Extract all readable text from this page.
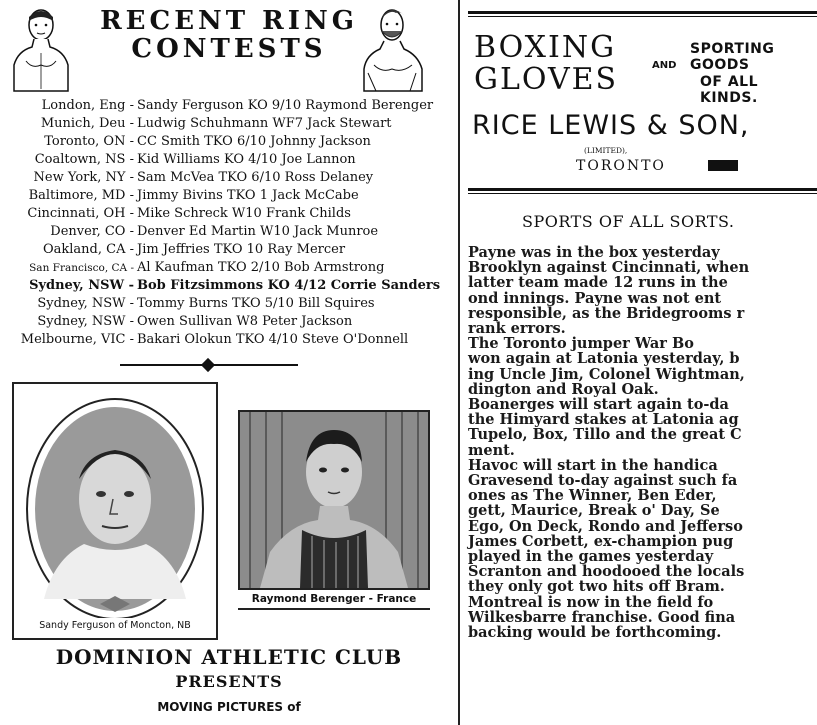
RECENT RING
CONTESTS
London, Eng - Sandy Ferguson KO 9/10 Raymond Berenger
Munich, Deu - Ludwig Schuhmann WF7 Jack Stewart
Toronto, ON - CC Smith TKO 6/10 Johnny Jackson
Coaltown, NS - Kid Williams KO 4/10 Joe Lannon
New York, NY - Sam McVea TKO 6/10 Ross Delaney
Baltimore, MD - Jimmy Bivins TKO 1 Jack McCabe
Cincinnati, OH - Mike Schreck W10 Frank Childs
Denver, CO - Denver Ed Martin W10 Jack Munroe
Oakland, CA - Jim Jeffries TKO 10 Ray Mercer
San Francisco, CA - Al Kaufman TKO 2/10 Bob Armstrong
Sydney, NSW - Bob Fitzsimmons KO 4/12 Corrie Sanders
Sydney, NSW - Tommy Burns TKO 5/10 Bill Squires
Sydney, NSW - Owen Sullivan W8 Peter Jackson
Melbourne, VIC - Bakari Olokun TKO 4/10 Steve O'Donnell
Sandy Ferguson of Moncton, NB
Raymond Berenger - France
DOMINION ATHLETIC CLUB
PRESENTS
MOVING PICTURES of
BOXING
GLOVES	AND
SPORTING GOODS
OF ALL KINDS.
RICE LEWIS & SON,
(LIMITED),
TORONTO
SPORTS OF ALL SORTS.

Payne was in the box yesterday

Brooklyn against Cincinnati, when

latter team made 12 runs in the

ond innings. Payne was not ent

responsible, as the Bridegrooms r

rank errors.

The Toronto jumper War Bo

won again at Latonia yesterday, b

ing Uncle Jim, Colonel Wightman,

dington and Royal Oak.

Boanerges will start again to-da

the Himyard stakes at Latonia ag

Tupelo, Box, Tillo and the great C

ment.

Havoc will start in the handica

Gravesend to-day against such fa

ones as The Winner, Ben Eder,

gett, Maurice, Break o' Day, Se

Ego, On Deck, Rondo and Jefferso

James Corbett, ex-champion pug

played in the games yesterday

Scranton and hoodooed the locals

they only got two hits off Bram.

Montreal is now in the field fo

Wilkesbarre franchise. Good fina

backing would be forthcoming.
